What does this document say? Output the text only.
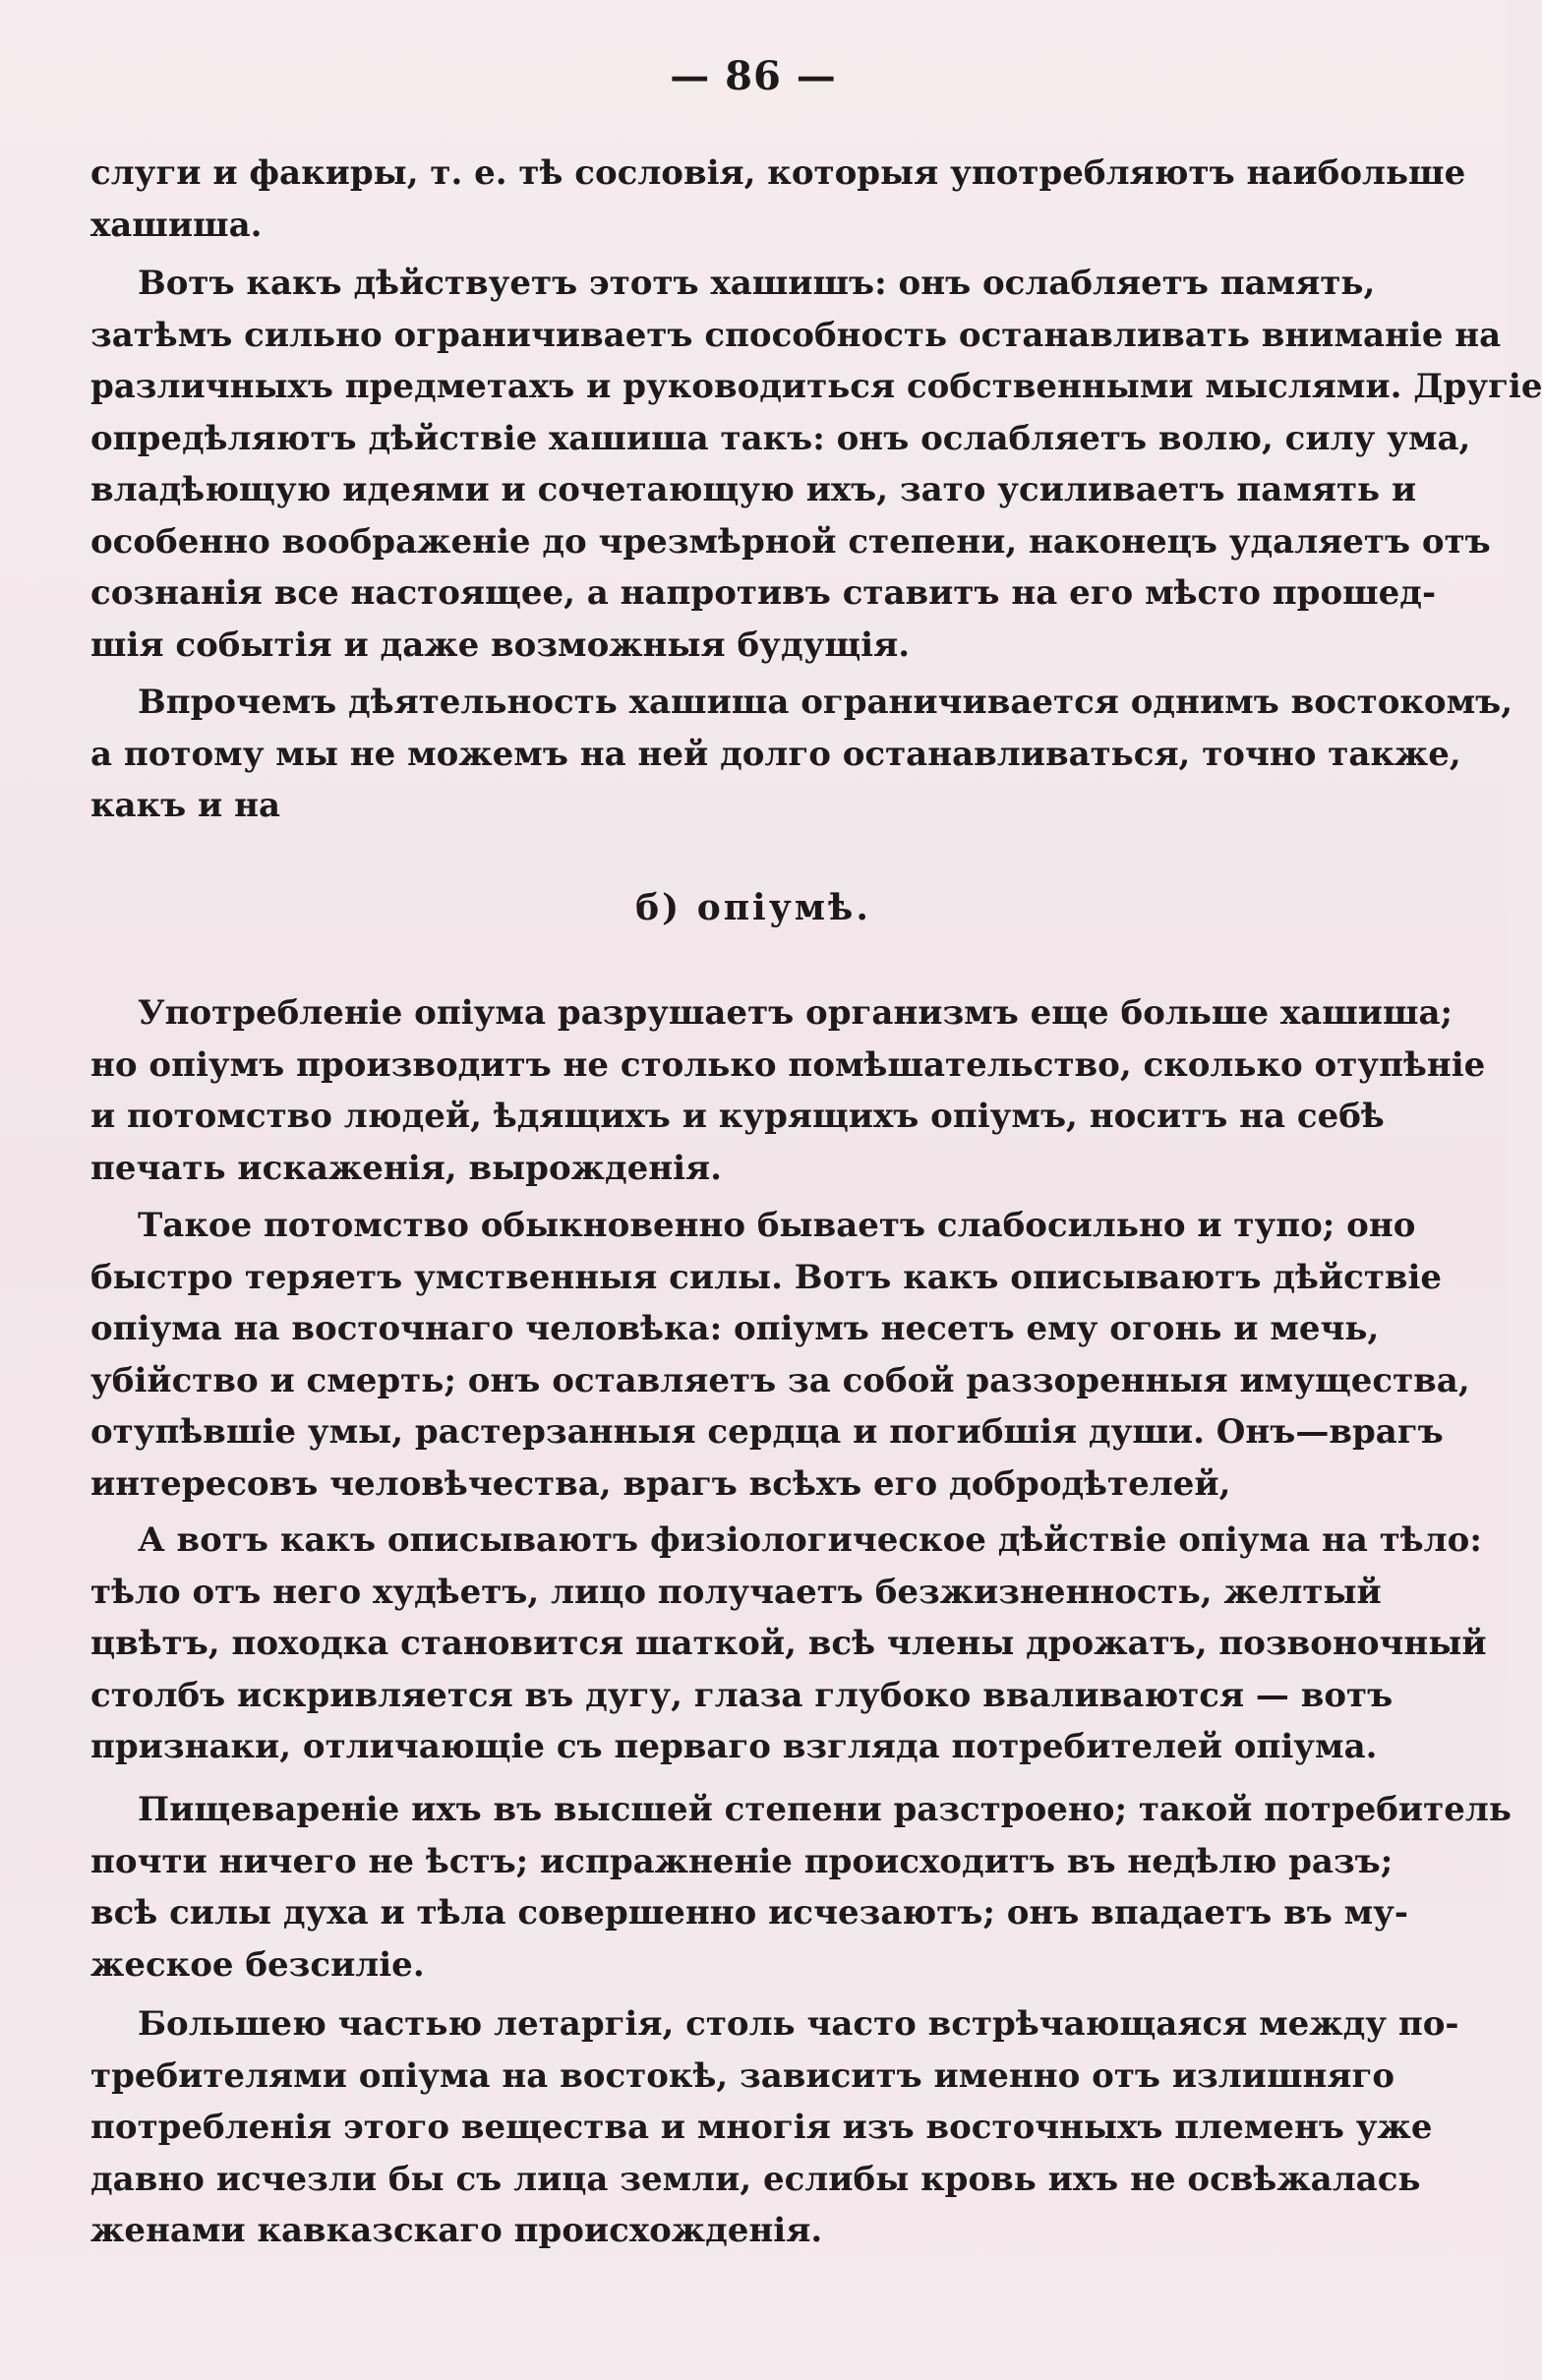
— 86 —
слуги и факиры, т. е. тѣ сословія, которыя употребляютъ наибольше
хашиша.
Вотъ какъ дѣйствуетъ этотъ хашишъ: онъ ослабляетъ память,
затѣмъ сильно ограничиваетъ способность останавливать вниманіе на
различныхъ предметахъ и руководиться собственными мыслями. Другіе
опредѣляютъ дѣйствіе хашиша такъ: онъ ослабляетъ волю, силу ума,
владѣющую идеями и сочетающую ихъ, зато усиливаетъ память и
особенно воображеніе до чрезмѣрной степени, наконецъ удаляетъ отъ
сознанія все настоящее, а напротивъ ставитъ на его мѣсто прошед-
шія событія и даже возможныя будущія.
Впрочемъ дѣятельность хашиша ограничивается однимъ востокомъ,
а потому мы не можемъ на ней долго останавливаться, точно также,
какъ и на
б) опіумѣ.
Употребленіе опіума разрушаетъ организмъ еще больше хашиша;
но опіумъ производитъ не столько помѣшательство, сколько отупѣніе
и потомство людей, ѣдящихъ и курящихъ опіумъ, носитъ на себѣ
печать искаженія, вырожденія.
Такое потомство обыкновенно бываетъ слабосильно и тупо; оно
быстро теряетъ умственныя силы. Вотъ какъ описываютъ дѣйствіе
опіума на восточнаго человѣка: опіумъ несетъ ему огонь и мечь,
убійство и смерть; онъ оставляетъ за собой раззоренныя имущества,
отупѣвшіе умы, растерзанныя сердца и погибшія души. Онъ—врагъ
интересовъ человѣчества, врагъ всѣхъ его добродѣтелей,
А вотъ какъ описываютъ физіологическое дѣйствіе опіума на тѣло:
тѣло отъ него худѣетъ, лицо получаетъ безжизненность, желтый
цвѣтъ, походка становится шаткой, всѣ члены дрожатъ, позвоночный
столбъ искривляется въ дугу, глаза глубоко вваливаются — вотъ
признаки, отличающіе съ перваго взгляда потребителей опіума.
Пищевареніе ихъ въ высшей степени разстроено; такой потребитель
почти ничего не ѣстъ; испражненіе происходитъ въ недѣлю разъ;
всѣ силы духа и тѣла совершенно исчезаютъ; онъ впадаетъ въ му-
жеское безсиліе.
Большею частью летаргія, столь часто встрѣчающаяся между по-
требителями опіума на востокѣ, зависитъ именно отъ излишняго
потребленія этого вещества и многія изъ восточныхъ племенъ уже
давно исчезли бы съ лица земли, еслибы кровь ихъ не освѣжалась
женами кавказскаго происхожденія.
